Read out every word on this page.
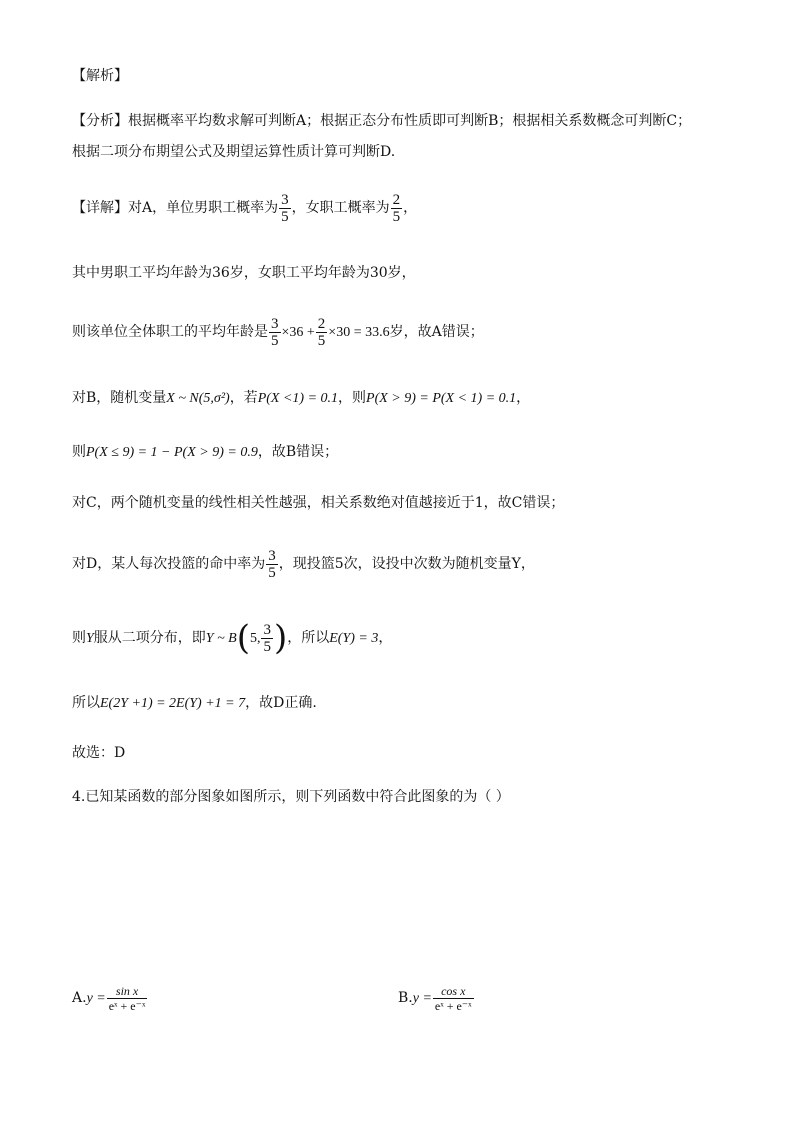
【解析】
【分析】根据概率平均数求解可判断A；根据正态分布性质即可判断B；根据相关系数概念可判断C；
根据二项分布期望公式及期望运算性质计算可判断D.
【详解】对A，单位男职工概率为 $\frac{3}{5}$ ，女职工概率为 $\frac{2}{5}$ ，
其中男职工平均年龄为36岁，女职工平均年龄为30岁，
则该单位全体职工的平均年龄是 $\frac{3}{5} \times 36 + \frac{2}{5} \times 30 = 33.6$岁，故A错误；
对B，随机变量X ~ N(5,σ²)，若P(X <1) = 0.1，则P(X > 9) = P(X < 1) = 0.1，
则P(X ≤ 9) = 1 − P(X > 9) = 0.9，故B错误；
对C，两个随机变量的线性相关性越强，相关系数绝对值越接近于1，故C错误；
对D，某人每次投篮的命中率为 $\frac{3}{5}$ ，现投篮5次，设投中次数为随机变量Y，
则Y服从二项分布，即Y ~ B(5, $\frac{3}{5}$ )，所以E(Y) = 3，
所以E(2Y +1) = 2E(Y) +1 = 7，故D正确.
故选：D
4.已知某函数的部分图象如图所示，则下列函数中符合此图象的为（ ）
$A.y = \frac{\text{sin x}}{\text{eˣ + e⁻ˣ}}$	$B.y = \frac{\text{cos x}}{\text{eˣ + e⁻ˣ}}$
